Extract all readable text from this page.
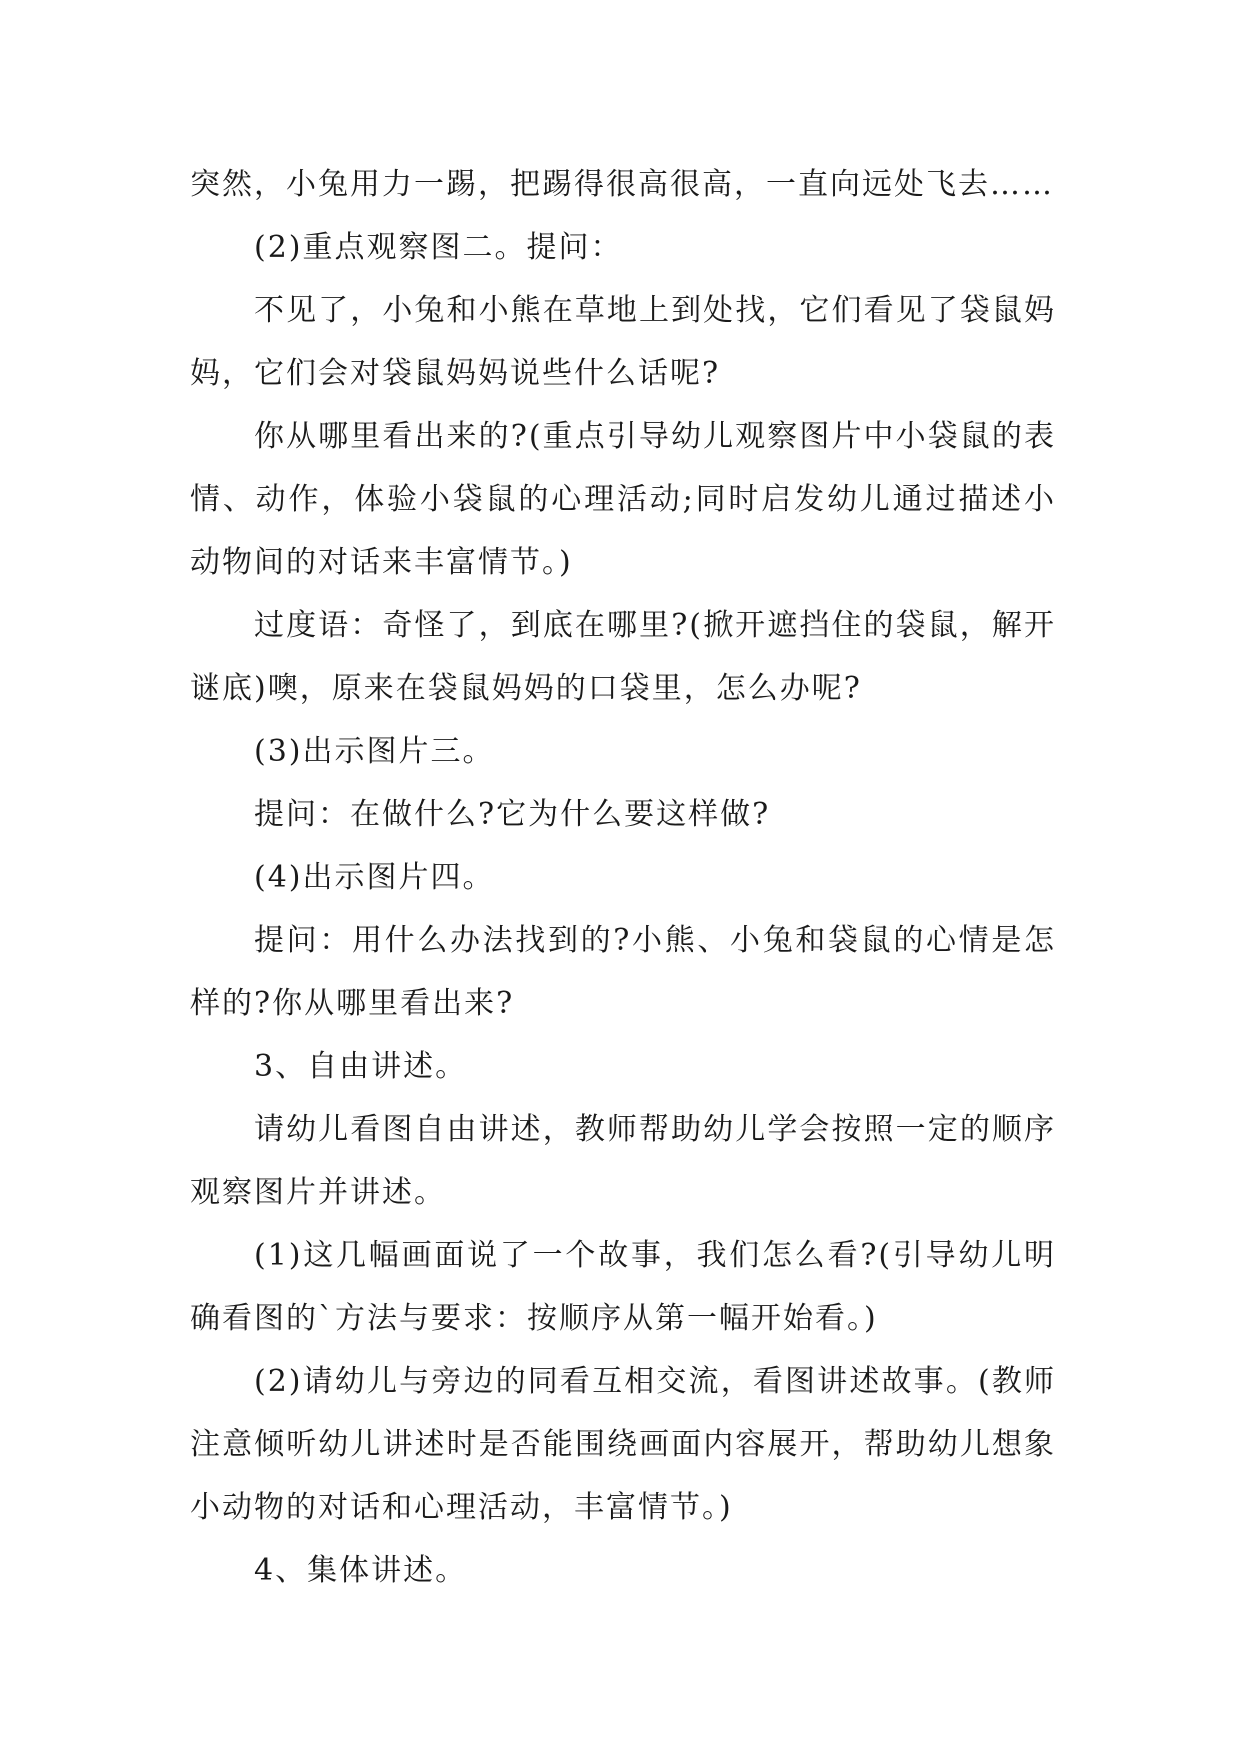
突然，小兔用力一踢，把踢得很高很高，一直向远处飞去……

(2)重点观察图二。提问：

不见了，小兔和小熊在草地上到处找，它们看见了袋鼠妈妈，它们会对袋鼠妈妈说些什么话呢?

你从哪里看出来的?(重点引导幼儿观察图片中小袋鼠的表情、动作，体验小袋鼠的心理活动;同时启发幼儿通过描述小动物间的对话来丰富情节。)

过度语：奇怪了，到底在哪里?(掀开遮挡住的袋鼠，解开谜底)噢，原来在袋鼠妈妈的口袋里，怎么办呢?

(3)出示图片三。

提问：在做什么?它为什么要这样做?

(4)出示图片四。

提问：用什么办法找到的?小熊、小兔和袋鼠的心情是怎样的?你从哪里看出来?

3、自由讲述。

请幼儿看图自由讲述，教师帮助幼儿学会按照一定的顺序观察图片并讲述。

(1)这几幅画面说了一个故事，我们怎么看?(引导幼儿明确看图的`方法与要求：按顺序从第一幅开始看。)

(2)请幼儿与旁边的同看互相交流，看图讲述故事。(教师注意倾听幼儿讲述时是否能围绕画面内容展开，帮助幼儿想象小动物的对话和心理活动，丰富情节。)

4、集体讲述。
